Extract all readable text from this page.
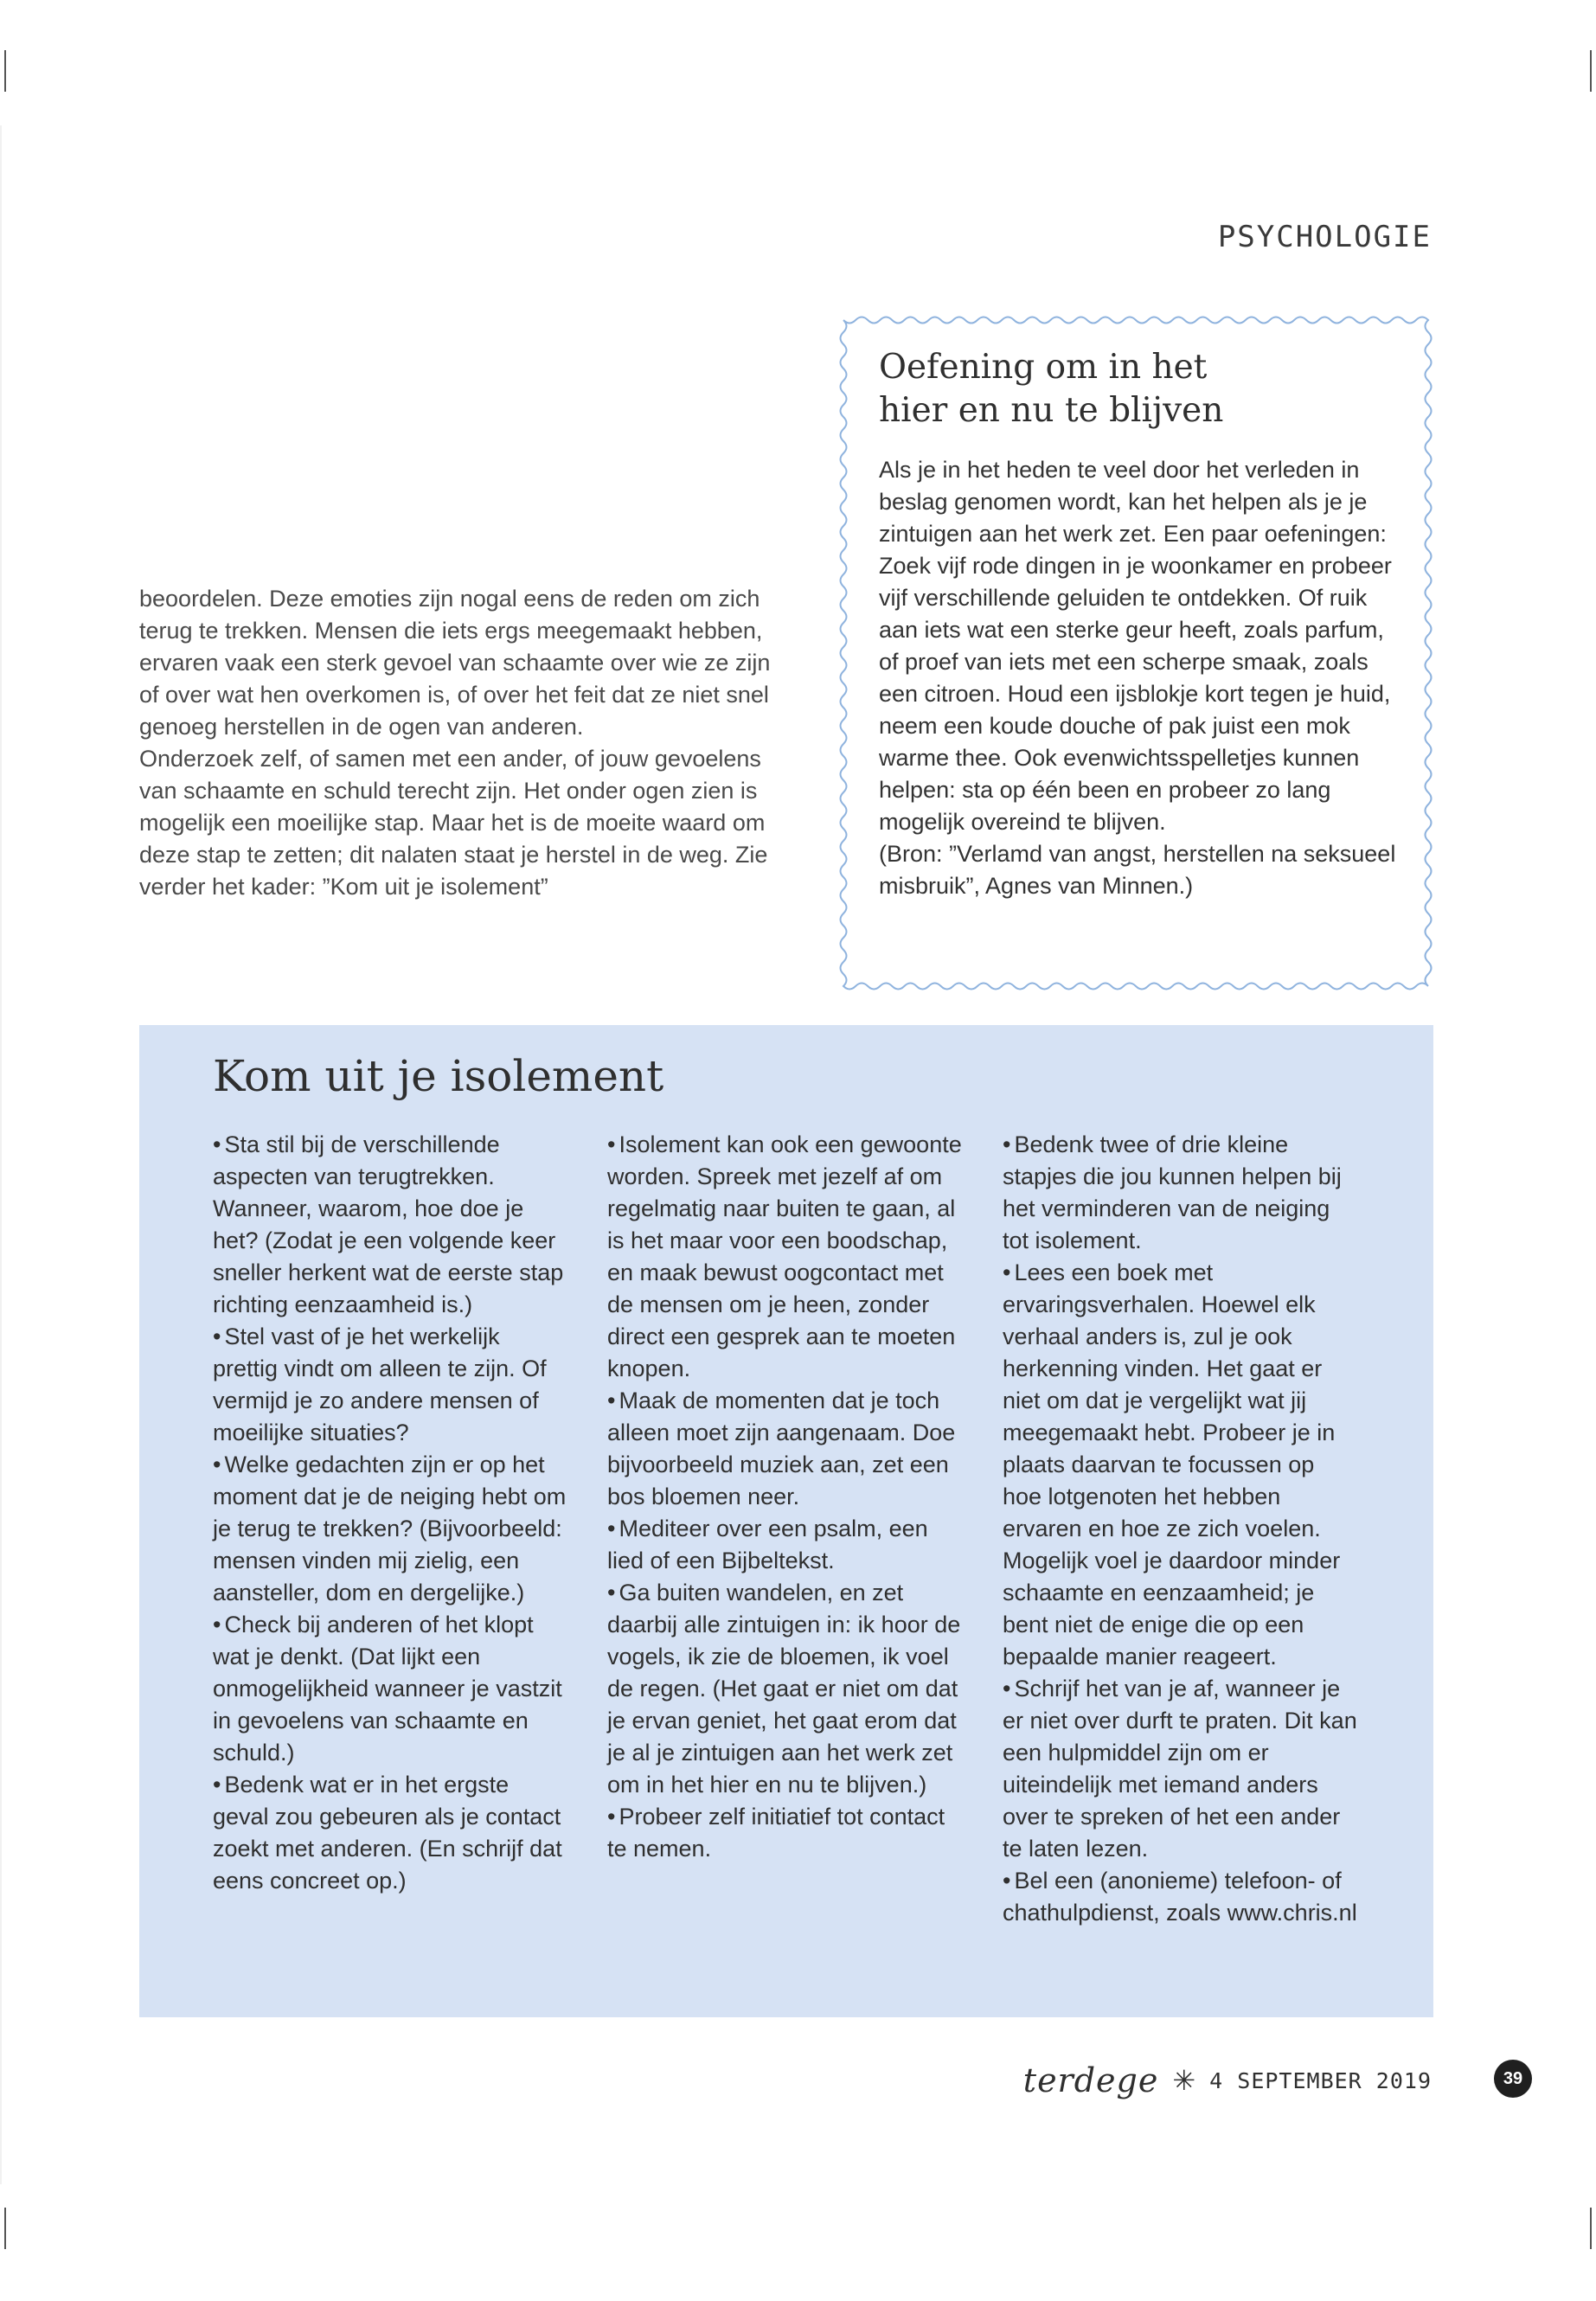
PSYCHOLOGIE

beoordelen. Deze emoties zijn nogal eens de reden om zich terug te trekken. Mensen die iets ergs meegemaakt hebben, ervaren vaak een sterk gevoel van schaamte over wie ze zijn of over wat hen overkomen is, of over het feit dat ze niet snel genoeg herstellen in de ogen van anderen.

Onderzoek zelf, of samen met een ander, of jouw gevoelens van schaamte en schuld terecht zijn. Het onder ogen zien is mogelijk een moeilijke stap. Maar het is de moeite waard om deze stap te zetten; dit nalaten staat je herstel in de weg. Zie verder het kader: ”Kom uit je isolement”

Oefening om in het
hier en nu te blijven

Als je in het heden te veel door het verleden in beslag genomen wordt, kan het helpen als je je zintuigen aan het werk zet. Een paar oefeningen:

Zoek vijf rode dingen in je woonkamer en probeer vijf verschillende geluiden te ontdekken. Of ruik aan iets wat een sterke geur heeft, zoals parfum, of proef van iets met een scherpe smaak, zoals een citroen. Houd een ijsblokje kort tegen je huid, neem een koude douche of pak juist een mok warme thee. Ook evenwichtsspelletjes kunnen helpen: sta op één been en probeer zo lang mogelijk overeind te blijven.

(Bron: ”Verlamd van angst, herstellen na seksueel misbruik”, Agnes van Minnen.)

Kom uit je isolement
• Sta stil bij de verschillende aspecten van terugtrekken. Wanneer, waarom, hoe doe je het? (Zodat je een volgende keer sneller herkent wat de eerste stap richting eenzaamheid is.)
• Stel vast of je het werkelijk prettig vindt om alleen te zijn. Of vermijd je zo andere mensen of moeilijke situaties?
• Welke gedachten zijn er op het moment dat je de neiging hebt om je terug te trekken? (Bijvoorbeeld: mensen vinden mij zielig, een aansteller, dom en dergelijke.)
• Check bij anderen of het klopt wat je denkt. (Dat lijkt een onmogelijkheid wanneer je vastzit in gevoelens van schaamte en schuld.)
• Bedenk wat er in het ergste geval zou gebeuren als je contact zoekt met anderen. (En schrijf dat eens concreet op.)
• Isolement kan ook een gewoonte worden. Spreek met jezelf af om regelmatig naar buiten te gaan, al is het maar voor een boodschap, en maak bewust oogcontact met de mensen om je heen, zonder direct een gesprek aan te moeten knopen.
• Maak de momenten dat je toch alleen moet zijn aangenaam. Doe bijvoorbeeld muziek aan, zet een bos bloemen neer.
• Mediteer over een psalm, een lied of een Bijbeltekst.
• Ga buiten wandelen, en zet daarbij alle zintuigen in: ik hoor de vogels, ik zie de bloemen, ik voel de regen. (Het gaat er niet om dat je ervan geniet, het gaat erom dat je al je zintuigen aan het werk zet om in het hier en nu te blijven.)
• Probeer zelf initiatief tot contact te nemen.
• Bedenk twee of drie kleine stapjes die jou kunnen helpen bij het verminderen van de neiging tot isolement.
• Lees een boek met ervaringsverhalen. Hoewel elk verhaal anders is, zul je ook herkenning vinden. Het gaat er niet om dat je vergelijkt wat jij meegemaakt hebt. Probeer je in plaats daarvan te focussen op hoe lotgenoten het hebben ervaren en hoe ze zich voelen. Mogelijk voel je daardoor minder schaamte en eenzaamheid; je bent niet de enige die op een bepaalde manier reageert.
• Schrijf het van je af, wanneer je er niet over durft te praten. Dit kan een hulpmiddel zijn om er uiteindelijk met iemand anders over te spreken of het een ander te laten lezen.
• Bel een (anonieme) telefoon- of chathulpdienst, zoals www.chris.nl
terdege ✳ 4 SEPTEMBER 2019	39
